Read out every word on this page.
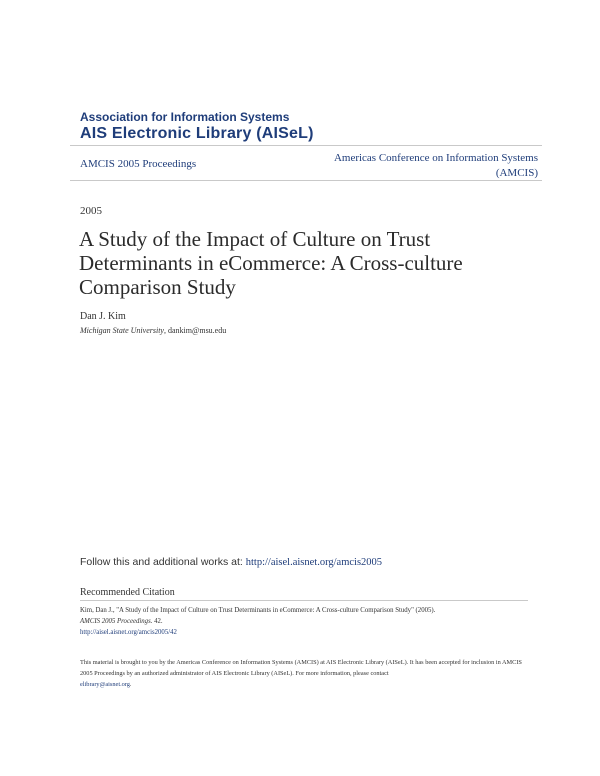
Association for Information Systems
AIS Electronic Library (AISeL)
AMCIS 2005 Proceedings	Americas Conference on Information Systems
(AMCIS)
2005
A Study of the Impact of Culture on Trust
Determinants in eCommerce: A Cross-culture
Comparison Study
Dan J. Kim
Michigan State University, dankim@msu.edu
Follow this and additional works at: http://aisel.aisnet.org/amcis2005
Recommended Citation
Kim, Dan J., "A Study of the Impact of Culture on Trust Determinants in eCommerce: A Cross-culture Comparison Study" (2005).
AMCIS 2005 Proceedings. 42.
http://aisel.aisnet.org/amcis2005/42
This material is brought to you by the Americas Conference on Information Systems (AMCIS) at AIS Electronic Library (AISeL). It has been accepted for inclusion in AMCIS 2005 Proceedings by an authorized administrator of AIS Electronic Library (AISeL). For more information, please contact
elibrary@aisnet.org.
